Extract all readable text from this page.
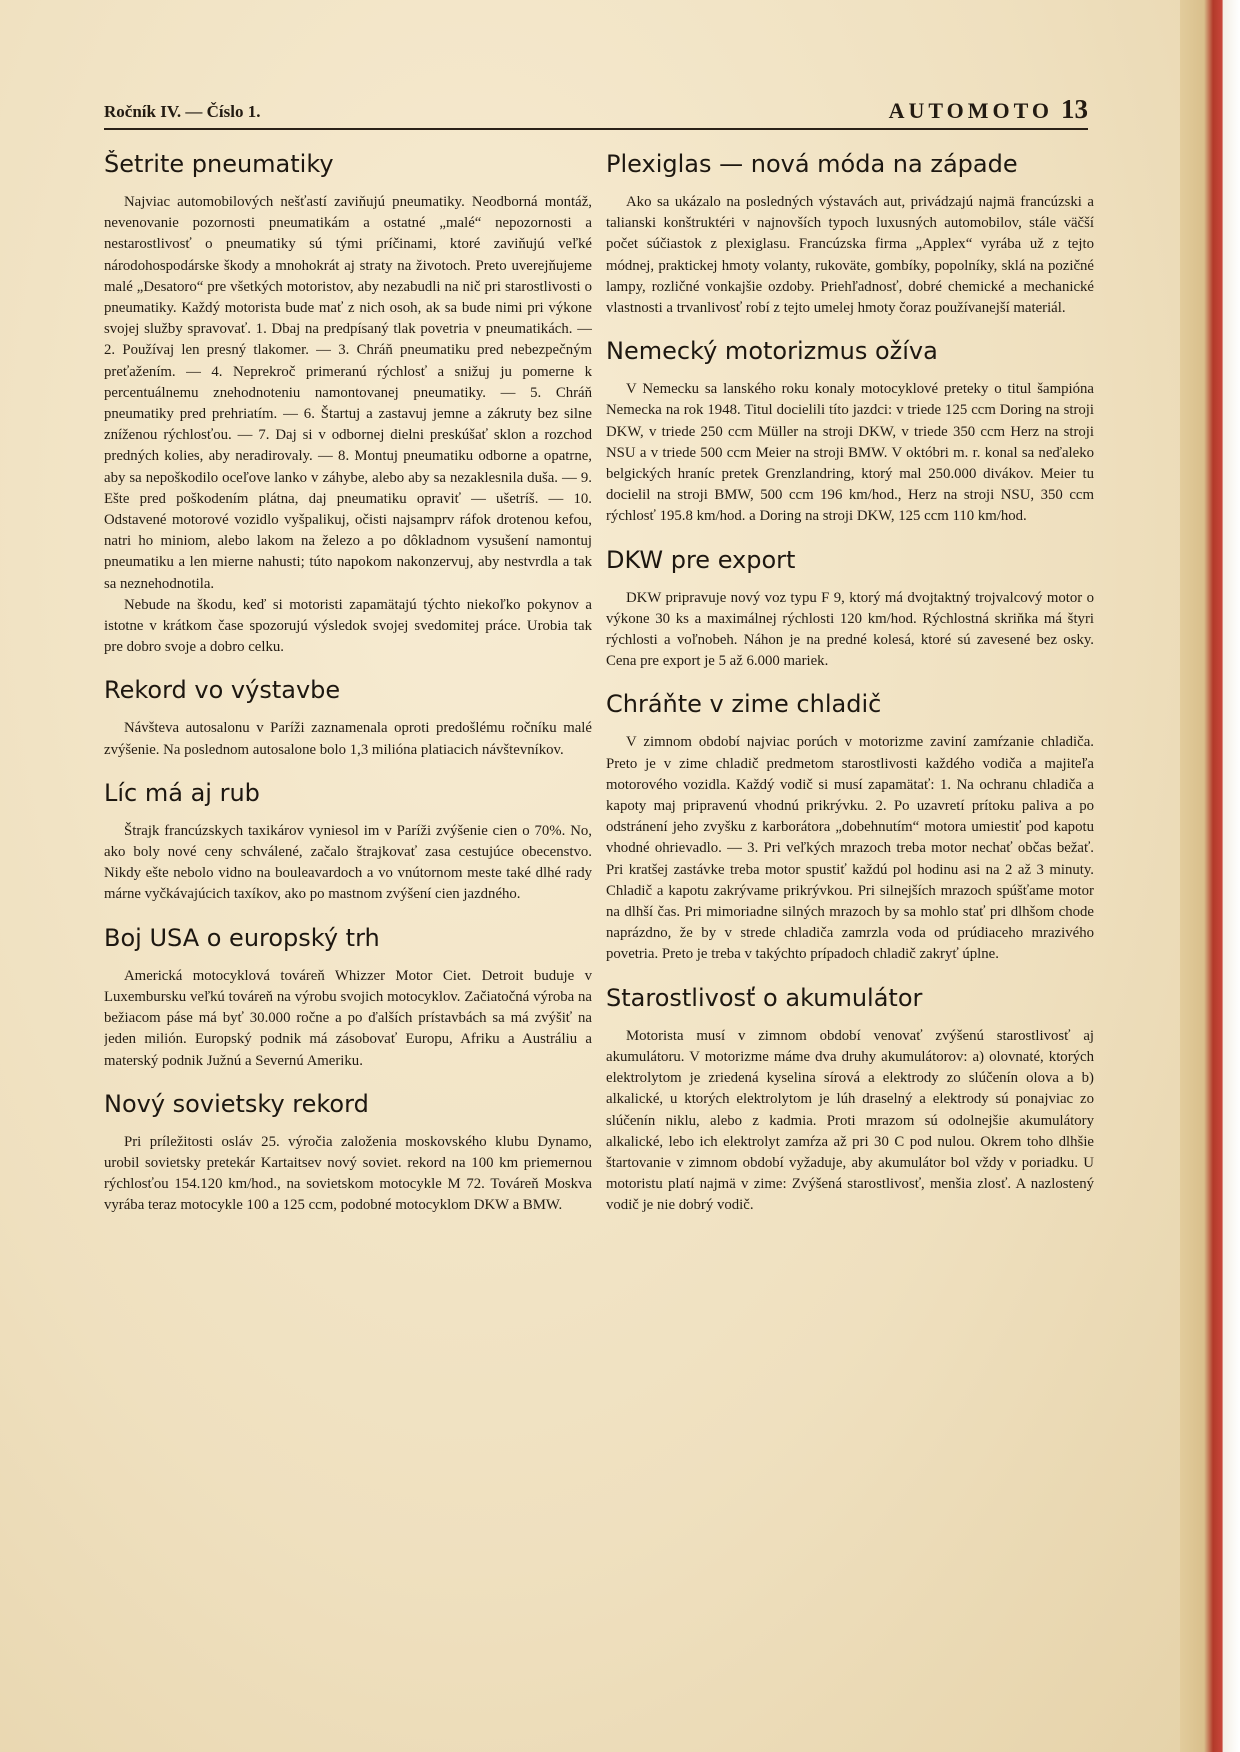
Ročník IV. — Číslo 1.	AUTOMOTO 13
Šetrite pneumatiky

Najviac automobilových nešťastí zaviňujú pneumatiky. Neodborná montáž, nevenovanie pozornosti pneumatikám a ostatné „malé“ nepozornosti a nestarostlivosť o pneumatiky sú tými príčinami, ktoré zaviňujú veľké národohospodárske škody a mnohokrát aj straty na životoch. Preto uverejňujeme malé „Desatoro“ pre všetkých motoristov, aby nezabudli na nič pri starostlivosti o pneumatiky. Každý motorista bude mať z nich osoh, ak sa bude nimi pri výkone svojej služby spravovať. 1. Dbaj na predpísaný tlak povetria v pneumatikách. — 2. Používaj len presný tlakomer. — 3. Chráň pneumatiku pred nebezpečným preťažením. — 4. Neprekroč primeranú rýchlosť a snižuj ju pomerne k percentuálnemu znehodnoteniu namontovanej pneumatiky. — 5. Chráň pneumatiky pred prehriatím. — 6. Štartuj a zastavuj jemne a zákruty bez silne zníženou rýchlosťou. — 7. Daj si v odbornej dielni preskúšať sklon a rozchod predných kolies, aby neradirovaly. — 8. Montuj pneumatiku odborne a opatrne, aby sa nepoškodilo oceľove lanko v záhybe, alebo aby sa nezaklesnila duša. — 9. Ešte pred poškodením plátna, daj pneumatiku opraviť — ušetríš. — 10. Odstavené motorové vozidlo vyšpalikuj, očisti najsamprv ráfok drotenou kefou, natri ho miniom, alebo lakom na železo a po dôkladnom vysušení namontuj pneumatiku a len mierne nahusti; túto napokom nakonzervuj, aby nestvrdla a tak sa neznehodnotila.

Nebude na škodu, keď si motoristi zapamätajú týchto niekoľko pokynov a istotne v krátkom čase spozorujú výsledok svojej svedomitej práce. Urobia tak pre dobro svoje a dobro celku.

Rekord vo výstavbe

Návšteva autosalonu v Paríži zaznamenala oproti predošlému ročníku malé zvýšenie. Na poslednom autosalone bolo 1,3 milióna platiacich návštevníkov.

Líc má aj rub

Štrajk francúzskych taxikárov vyniesol im v Paríži zvýšenie cien o 70%. No, ako boly nové ceny schválené, začalo štrajkovať zasa cestujúce obecenstvo. Nikdy ešte nebolo vidno na bouleavardoch a vo vnútornom meste také dlhé rady márne vyčkávajúcich taxíkov, ako po mastnom zvýšení cien jazdného.

Boj USA o europský trh

Americká motocyklová továreň Whizzer Motor Ciet. Detroit buduje v Luxembursku veľkú továreň na výrobu svojich motocyklov. Začiatočná výroba na bežiacom páse má byť 30.000 ročne a po ďalších prístavbách sa má zvýšiť na jeden milión. Europský podnik má zásobovať Europu, Afriku a Austráliu a materský podnik Južnú a Severnú Ameriku.

Nový sovietsky rekord

Pri príležitosti osláv 25. výročia založenia moskovského klubu Dynamo, urobil sovietsky pretekár Kartaitsev nový soviet. rekord na 100 km priemernou rýchlosťou 154.120 km/hod., na sovietskom motocykle M 72. Továreň Moskva vyrába teraz motocykle 100 a 125 ccm, podobné motocyklom DKW a BMW.

Plexiglas — nová móda na západe

Ako sa ukázalo na posledných výstavách aut, privádzajú najmä francúzski a talianski konštruktéri v najnovších typoch luxusných automobilov, stále väčší počet súčiastok z plexiglasu. Francúzska firma „Applex“ vyrába už z tejto módnej, praktickej hmoty volanty, rukoväte, gombíky, popolníky, sklá na pozičné lampy, rozličné vonkajšie ozdoby. Priehľadnosť, dobré chemické a mechanické vlastnosti a trvanlivosť robí z tejto umelej hmoty čoraz používanejší materiál.

Nemecký motorizmus ožíva

V Nemecku sa lanského roku konaly motocyklové preteky o titul šampióna Nemecka na rok 1948. Titul docielili títo jazdci: v triede 125 ccm Doring na stroji DKW, v triede 250 ccm Müller na stroji DKW, v triede 350 ccm Herz na stroji NSU a v triede 500 ccm Meier na stroji BMW. V októbri m. r. konal sa neďaleko belgických hraníc pretek Grenzlandring, ktorý mal 250.000 divákov. Meier tu docielil na stroji BMW, 500 ccm 196 km/hod., Herz na stroji NSU, 350 ccm rýchlosť 195.8 km/hod. a Doring na stroji DKW, 125 ccm 110 km/hod.

DKW pre export

DKW pripravuje nový voz typu F 9, ktorý má dvojtaktný trojvalcový motor o výkone 30 ks a maximálnej rýchlosti 120 km/hod. Rýchlostná skriňka má štyri rýchlosti a voľnobeh. Náhon je na predné kolesá, ktoré sú zavesené bez osky. Cena pre export je 5 až 6.000 mariek.

Chráňte v zime chladič

V zimnom období najviac porúch v motorizme zaviní zamŕzanie chladiča. Preto je v zime chladič predmetom starostlivosti každého vodiča a majiteľa motorového vozidla. Každý vodič si musí zapamätať: 1. Na ochranu chladiča a kapoty maj pripravenú vhodnú prikrývku. 2. Po uzavretí prítoku paliva a po odstránení jeho zvyšku z karborátora „dobehnutím“ motora umiestiť pod kapotu vhodné ohrievadlo. — 3. Pri veľkých mrazoch treba motor nechať občas bežať. Pri kratšej zastávke treba motor spustiť každú pol hodinu asi na 2 až 3 minuty. Chladič a kapotu zakrývame prikrývkou. Pri silnejších mrazoch spúšťame motor na dlhší čas. Pri mimoriadne silných mrazoch by sa mohlo stať pri dlhšom chode naprázdno, že by v strede chladiča zamrzla voda od prúdiaceho mrazivého povetria. Preto je treba v takýchto prípadoch chladič zakryť úplne.

Starostlivosť o akumulátor

Motorista musí v zimnom období venovať zvýšenú starostlivosť aj akumulátoru. V motorizme máme dva druhy akumulátorov: a) olovnaté, ktorých elektrolytom je zriedená kyselina sírová a elektrody zo slúčenín olova a b) alkalické, u ktorých elektrolytom je lúh draselný a elektrody sú ponajviac zo slúčenín niklu, alebo z kadmia. Proti mrazom sú odolnejšie akumulátory alkalické, lebo ich elektrolyt zamŕza až pri 30 C pod nulou. Okrem toho dlhšie štartovanie v zimnom období vyžaduje, aby akumulátor bol vždy v poriadku. U motoristu platí najmä v zime: Zvýšená starostlivosť, menšia zlosť. A nazlostený vodič je nie dobrý vodič.
